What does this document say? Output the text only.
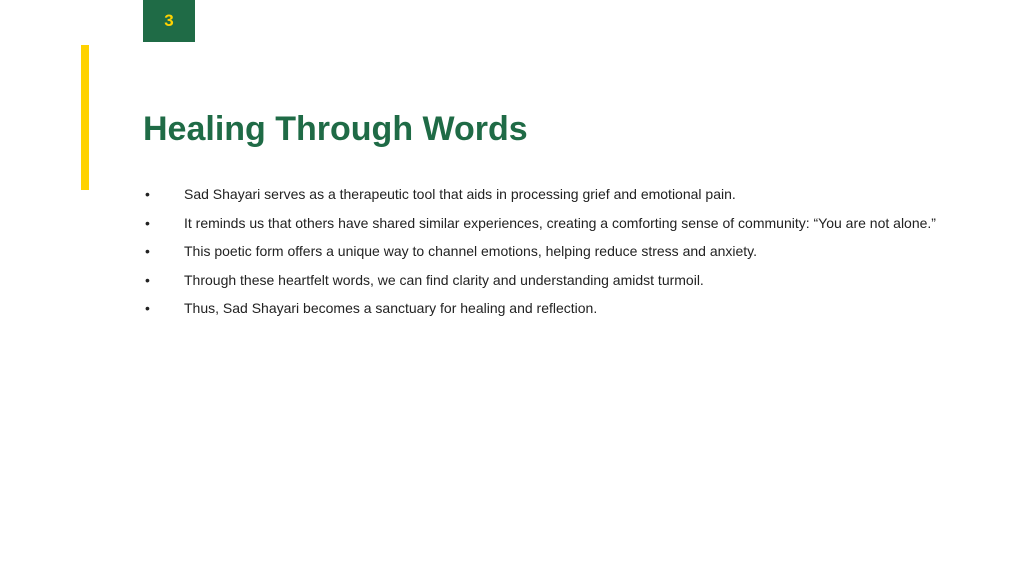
3
Healing Through Words
•	Sad Shayari serves as a therapeutic tool that aids in processing grief and emotional pain.
•	It reminds us that others have shared similar experiences, creating a comforting sense of community: “You are not alone.”
•	This poetic form offers a unique way to channel emotions, helping reduce stress and anxiety.
•	Through these heartfelt words, we can find clarity and understanding amidst turmoil.
•	Thus, Sad Shayari becomes a sanctuary for healing and reflection.
